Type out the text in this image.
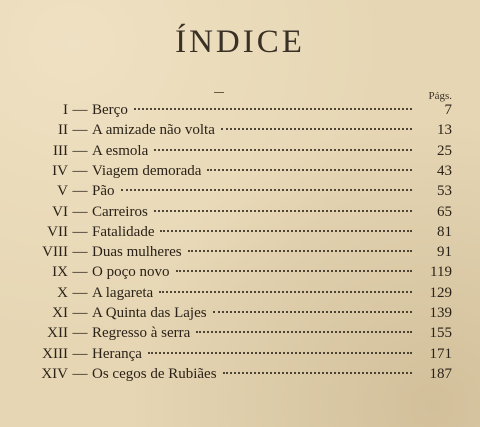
ÍNDICE
Págs.
I — Berço	7
II — A amizade não volta	13
III — A esmola	25
IV — Viagem demorada	43
V — Pão	53
VI — Carreiros	65
VII — Fatalidade	81
VIII — Duas mulheres	91
IX — O poço novo	119
X — A lagareta	129
XI — A Quinta das Lajes	139
XII — Regresso à serra	155
XIII — Herança	171
XIV — Os cegos de Rubiães	187
